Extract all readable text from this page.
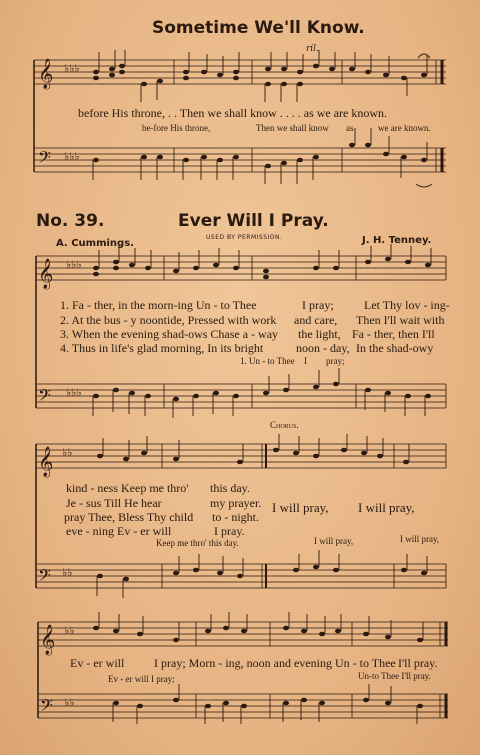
Sometime We'll Know.
ril.
𝄞
𝄢
♭♭♭
♭♭♭
before His throne, . . Then we shall know . . . . as we are known.
be-fore His throne,	Then we shall know as	we are known.
No. 39.	Ever Will I Pray.
USED BY PERMISSION.
A. Cummings.	J. H. Tenney.
𝄞
𝄢
♭♭♭
♭♭♭
1. Fa - ther, in the morn-ing Un - to Thee	I pray;	Let Thy lov - ing-
2. At the bus - y noontide, Pressed with work and care, Then I'll wait with
3. When the evening shad-ows Chase a - way the light, Fa - ther, then I'll
4. Thus in life's glad morning, In its bright	noon - day, In the shad-owy
1. Un - to Thee I pray;
Chorus.
𝄞
𝄢
♭♭
♭♭
kind - ness Keep me thro' this day.
Je - sus Till He hear	my prayer.
pray Thee, Bless Thy child to - night.
eve - ning Ev - er will	I pray.
I will pray, I will pray,
Keep me thro' this day.	I will pray,	I will pray,
𝄞
𝄢
♭♭
♭♭
Ev - er will I pray; Morn - ing, noon and evening Un - to Thee I'll pray.
Ev - er will I pray;	Un-to Thee I'll pray.
